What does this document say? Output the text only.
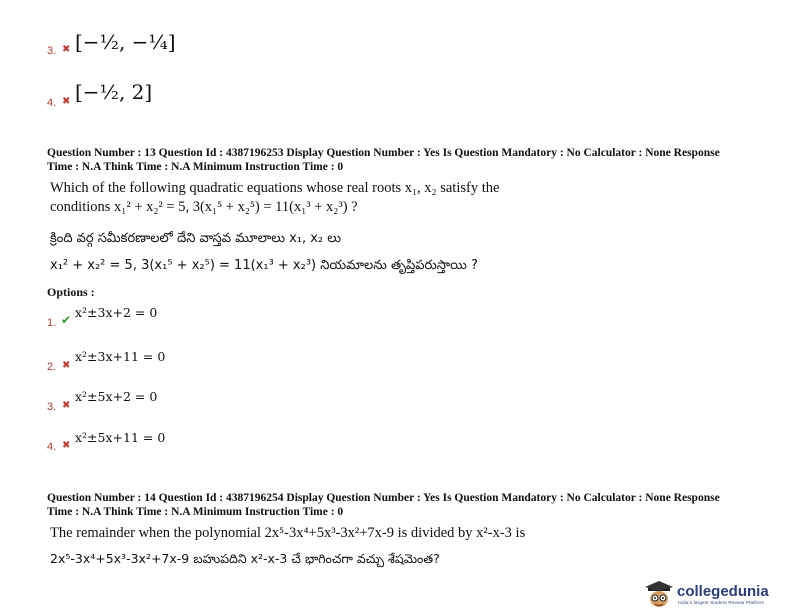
3. ✖ [−½, −¼]
4. ✖ [−½, 2]
Question Number : 13 Question Id : 4387196253 Display Question Number : Yes Is Question Mandatory : No Calculator : None Response
Time : N.A Think Time : N.A Minimum Instruction Time : 0
Which of the following quadratic equations whose real roots x₁, x₂ satisfy the
conditions x₁² + x₂² = 5, 3(x₁⁵ + x₂⁵) = 11(x₁³ + x₂³) ?
క్రింది వర్గ సమీకరణాలలో దేని వాస్తవ మూలాలు x₁, x₂ లు
x₁² + x₂² = 5, 3(x₁⁵ + x₂⁵) = 11(x₁³ + x₂³) నియమాలను తృప్తిపరుస్తాయి ?
Options :
1. ✔ x²±3x+2 = 0
2. ✖
x²±3x+11 = 0
3. ✖
x²±5x+2 = 0
4. ✖
x²±5x+11 = 0
Question Number : 14 Question Id : 4387196254 Display Question Number : Yes Is Question Mandatory : No Calculator : None Response
Time : N.A Think Time : N.A Minimum Instruction Time : 0
The remainder when the polynomial 2x⁵-3x⁴+5x³-3x²+7x-9 is divided by x²-x-3 is
2x⁵-3x⁴+5x³-3x²+7x-9 బహుపదిని x²-x-3 చే భాగించగా వచ్చు శేషమెంత?
collegedunia
India's largest Student Review Platform
